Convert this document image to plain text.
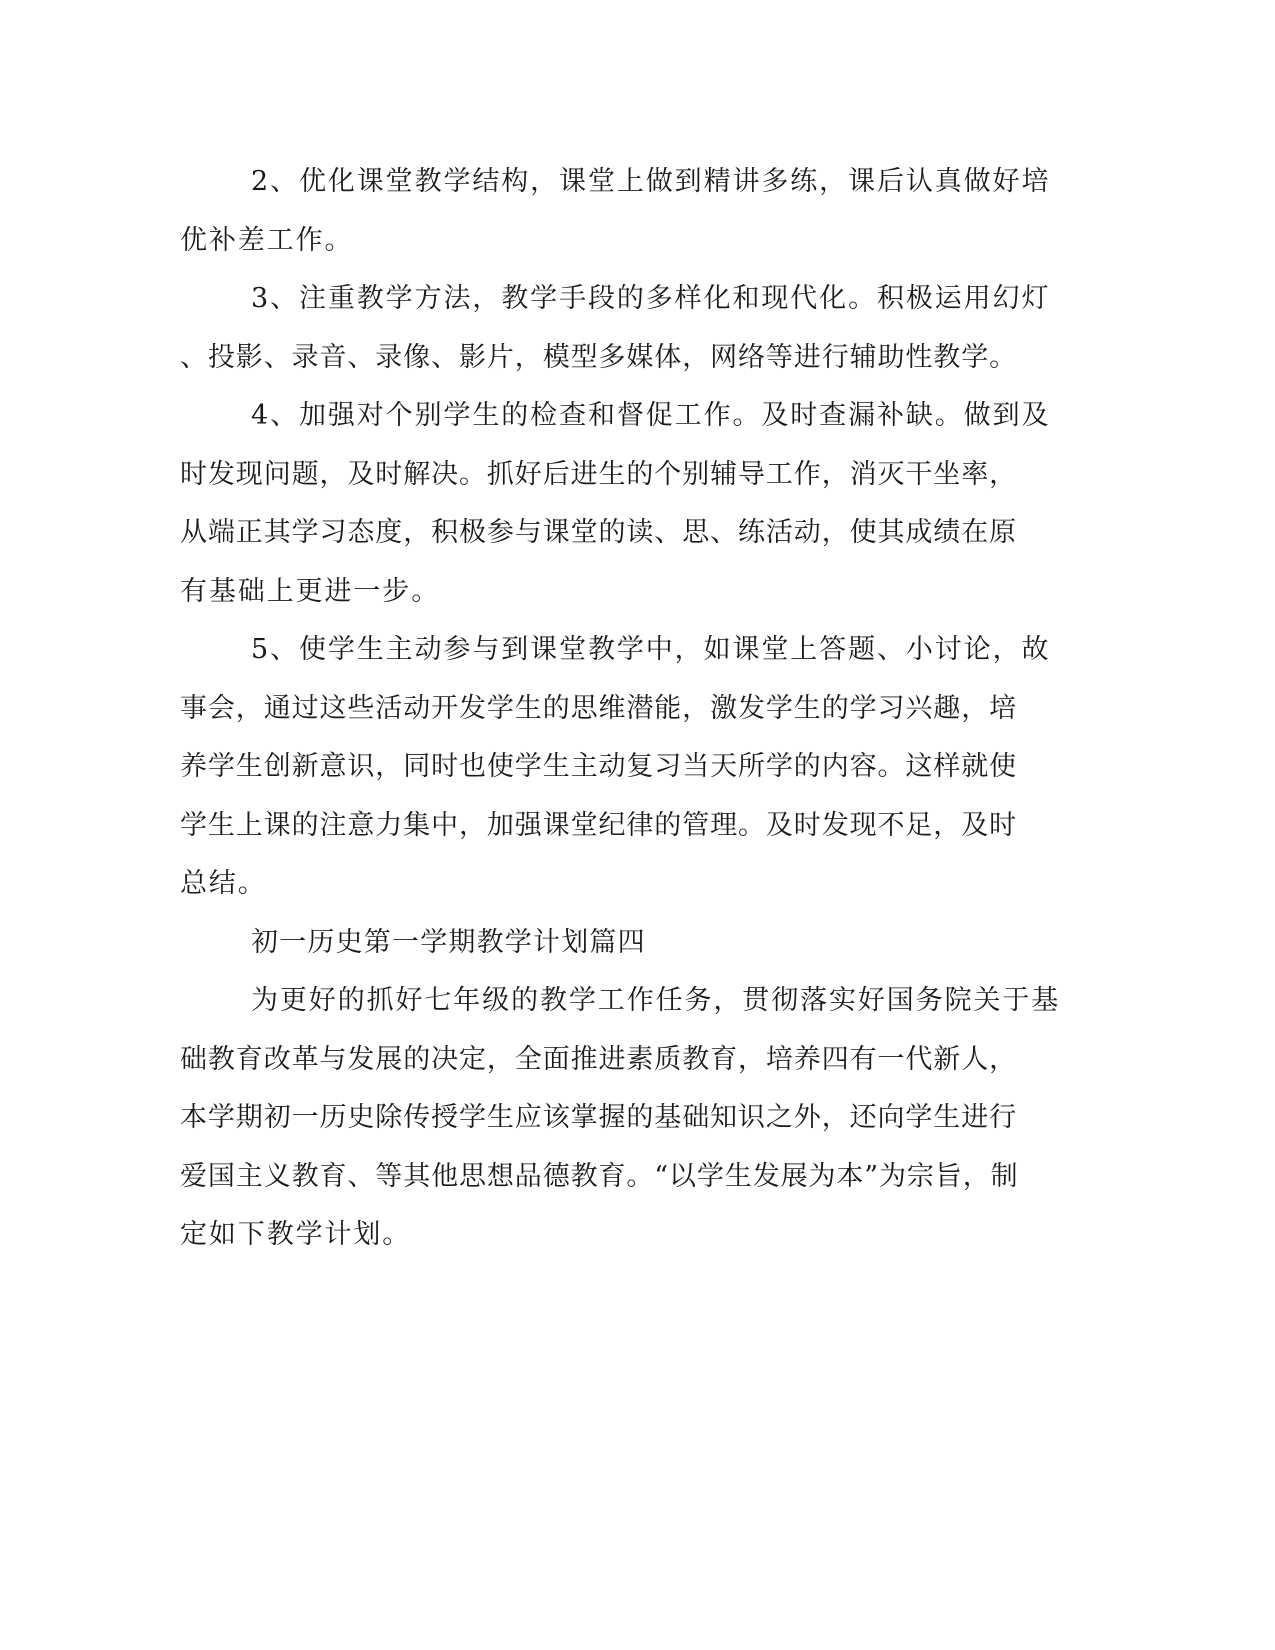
2、优化课堂教学结构，课堂上做到精讲多练，课后认真做好培

优补差工作。

3、注重教学方法，教学手段的多样化和现代化。积极运用幻灯

、投影、录音、录像、影片，模型多媒体，网络等进行辅助性教学。

4、加强对个别学生的检查和督促工作。及时查漏补缺。做到及

时发现问题，及时解决。抓好后进生的个别辅导工作，消灭干坐率，

从端正其学习态度，积极参与课堂的读、思、练活动，使其成绩在原

有基础上更进一步。

5、使学生主动参与到课堂教学中，如课堂上答题、小讨论，故

事会，通过这些活动开发学生的思维潜能，激发学生的学习兴趣，培

养学生创新意识，同时也使学生主动复习当天所学的内容。这样就使

学生上课的注意力集中，加强课堂纪律的管理。及时发现不足，及时

总结。

初一历史第一学期教学计划篇四

为更好的抓好七年级的教学工作任务，贯彻落实好国务院关于基

础教育改革与发展的决定，全面推进素质教育，培养四有一代新人，

本学期初一历史除传授学生应该掌握的基础知识之外，还向学生进行

爱国主义教育、等其他思想品德教育。“以学生发展为本”为宗旨，制

定如下教学计划。
